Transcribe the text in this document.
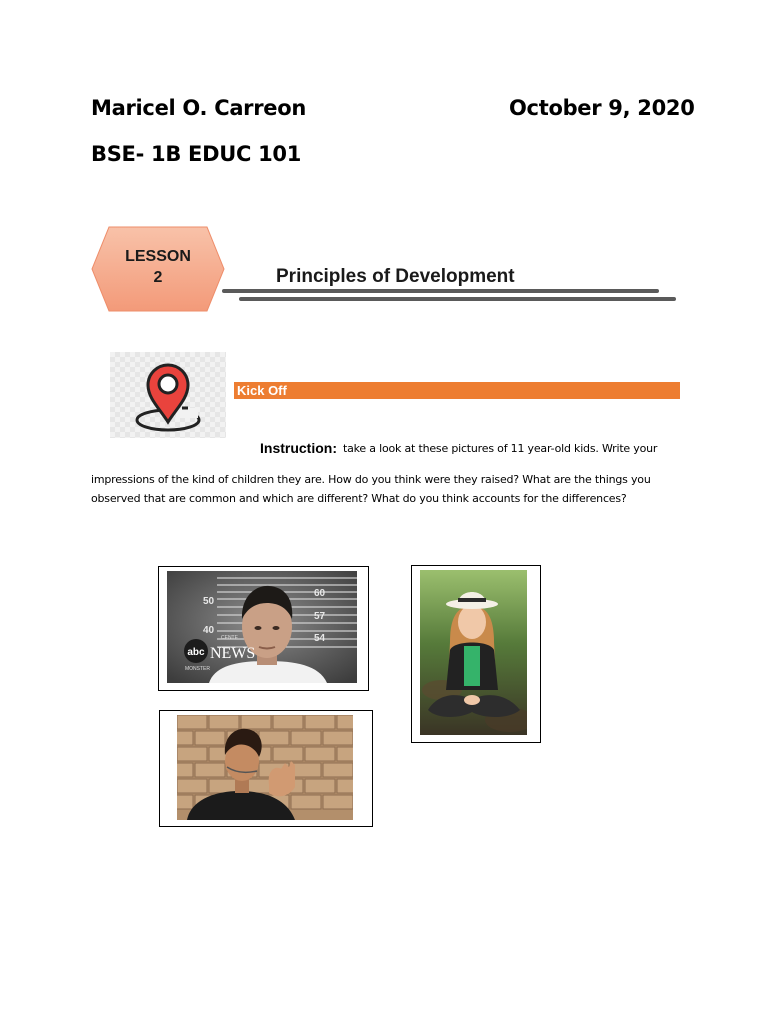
Maricel O. Carreon	October 9, 2020
BSE- 1B EDUC 101
LESSON
2	Principles of Development
Kick Off
Instruction: take a look at these pictures of 11 year-old kids. Write your
impressions of the kind of children they are. How do you think were they raised? What are the things you observed that are common and which are different? What do you think accounts for the differences?
60
50
57
40
54
CENTE
abc NEWS
MONSTER
